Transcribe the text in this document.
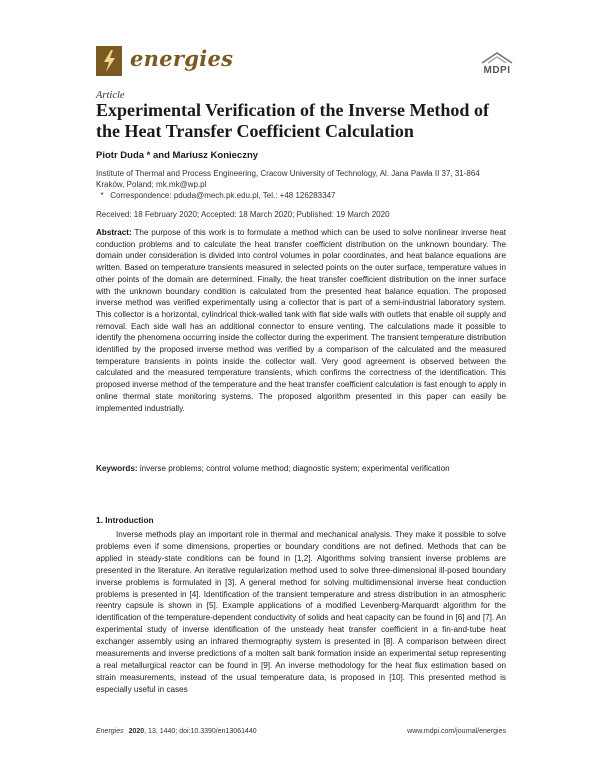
energies	MDPI
Article
Experimental Verification of the Inverse Method of the Heat Transfer Coefficient Calculation
Piotr Duda * and Mariusz Konieczny
Institute of Thermal and Process Engineering, Cracow University of Technology, Al. Jana Pawła II 37, 31-864 Kraków, Poland; mk.mk@wp.pl
* Correspondence: pduda@mech.pk.edu.pl, Tel.: +48 126283347
Received: 18 February 2020; Accepted: 18 March 2020; Published: 19 March 2020
Abstract: The purpose of this work is to formulate a method which can be used to solve nonlinear inverse heat conduction problems and to calculate the heat transfer coefficient distribution on the unknown boundary. The domain under consideration is divided into control volumes in polar coordinates, and heat balance equations are written. Based on temperature transients measured in selected points on the outer surface, temperature values in other points of the domain are determined. Finally, the heat transfer coefficient distribution on the inner surface with the unknown boundary condition is calculated from the presented heat balance equation. The proposed inverse method was verified experimentally using a collector that is part of a semi-industrial laboratory system. This collector is a horizontal, cylindrical thick-walled tank with flat side walls with outlets that enable oil supply and removal. Each side wall has an additional connector to ensure venting. The calculations made it possible to identify the phenomena occurring inside the collector during the experiment. The transient temperature distribution identified by the proposed inverse method was verified by a comparison of the calculated and the measured temperature transients in points inside the collector wall. Very good agreement is observed between the calculated and the measured temperature transients, which confirms the correctness of the identification. This proposed inverse method of the temperature and the heat transfer coefficient calculation is fast enough to apply in online thermal state monitoring systems. The proposed algorithm presented in this paper can easily be implemented industrially.
Keywords: inverse problems; control volume method; diagnostic system; experimental verification
1. Introduction
Inverse methods play an important role in thermal and mechanical analysis. They make it possible to solve problems even if some dimensions, properties or boundary conditions are not defined. Methods that can be applied in steady-state conditions can be found in [1,2]. Algorithms solving transient inverse problems are presented in the literature. An iterative regularization method used to solve three-dimensional ill-posed boundary inverse problems is formulated in [3]. A general method for solving multidimensional inverse heat conduction problems is presented in [4]. Identification of the transient temperature and stress distribution in an atmospheric reentry capsule is shown in [5]. Example applications of a modified Levenberg-Marquardt algorithm for the identification of the temperature-dependent conductivity of solids and heat capacity can be found in [6] and [7]. An experimental study of inverse identification of the unsteady heat transfer coefficient in a fin-and-tube heat exchanger assembly using an infrared thermography system is presented in [8]. A comparison between direct measurements and inverse predictions of a molten salt bank formation inside an experimental setup representing a real metallurgical reactor can be found in [9]. An inverse methodology for the heat flux estimation based on strain measurements, instead of the usual temperature data, is proposed in [10]. This presented method is especially useful in cases
Energies 2020, 13, 1440; doi:10.3390/en13061440	www.mdpi.com/journal/energies
